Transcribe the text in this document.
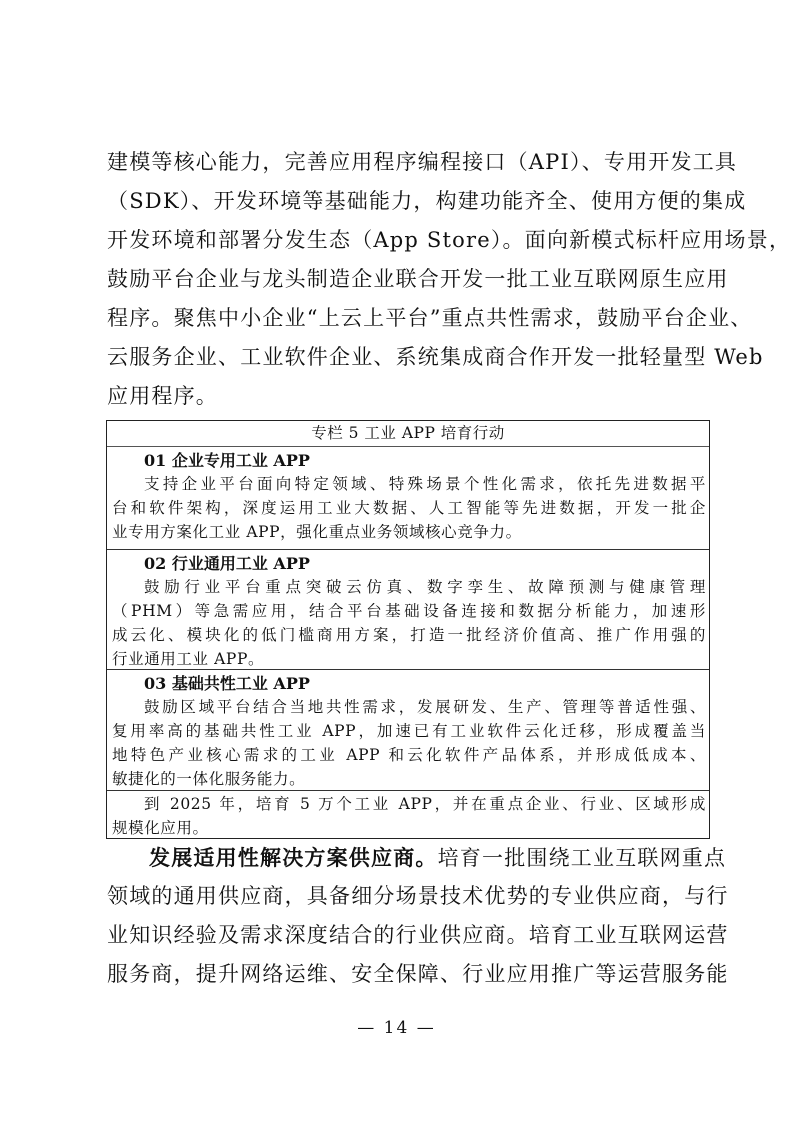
建模等核心能力，完善应用程序编程接口（API）、专用开发工具
（SDK）、开发环境等基础能力，构建功能齐全、使用方便的集成
开发环境和部署分发生态（App Store）。面向新模式标杆应用场景，
鼓励平台企业与龙头制造企业联合开发一批工业互联网原生应用
程序。聚焦中小企业“上云上平台”重点共性需求，鼓励平台企业、
云服务企业、工业软件企业、系统集成商合作开发一批轻量型 Web
应用程序。
专栏 5 工业 APP 培育行动
01 企业专用工业 APP
支持企业平台面向特定领域、特殊场景个性化需求，依托先进数据平
台和软件架构，深度运用工业大数据、人工智能等先进数据，开发一批企
业专用方案化工业 APP，强化重点业务领域核心竞争力。
02 行业通用工业 APP
鼓励行业平台重点突破云仿真、数字孪生、故障预测与健康管理
（PHM）等急需应用，结合平台基础设备连接和数据分析能力，加速形
成云化、模块化的低门槛商用方案，打造一批经济价值高、推广作用强的
行业通用工业 APP。
03 基础共性工业 APP
鼓励区域平台结合当地共性需求，发展研发、生产、管理等普适性强、
复用率高的基础共性工业 APP，加速已有工业软件云化迁移，形成覆盖当
地特色产业核心需求的工业 APP 和云化软件产品体系，并形成低成本、
敏捷化的一体化服务能力。
到 2025 年，培育 5 万个工业 APP，并在重点企业、行业、区域形成
规模化应用。
发展适用性解决方案供应商。培育一批围绕工业互联网重点
领域的通用供应商，具备细分场景技术优势的专业供应商，与行
业知识经验及需求深度结合的行业供应商。培育工业互联网运营
服务商，提升网络运维、安全保障、行业应用推广等运营服务能
— 14 —
